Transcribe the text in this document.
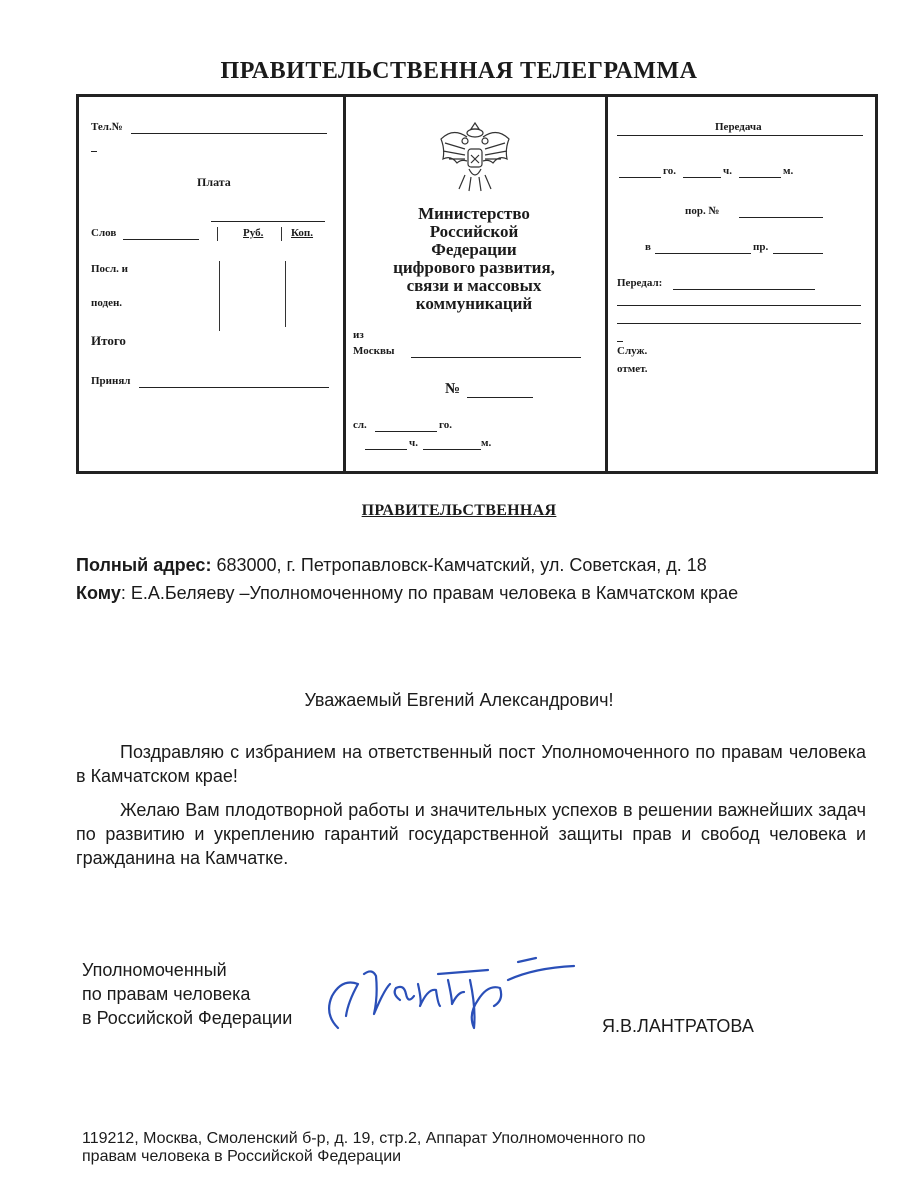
ПРАВИТЕЛЬСТВЕННАЯ ТЕЛЕГРАММА
Тел.№
Плата
Слов	Руб.	Коп.
Посл. и
поден.
Итого
Принял
Министерство
Российской
Федерации
цифрового развития,
связи и массовых
коммуникаций
из
Москвы
№
сл.	го.
ч.	м.
Передача
го.	ч.	м.
пор. №
в	пр.
Передал:
Служ.
отмет.
ПРАВИТЕЛЬСТВЕННАЯ
Полный адрес: 683000, г. Петропавловск-Камчатский, ул. Советская, д. 18
Кому: Е.А.Беляеву –Уполномоченному по правам человека в Камчатском крае
Уважаемый Евгений Александрович!
Поздравляю с избранием на ответственный пост Уполномоченного по правам человека в Камчатском крае!
Желаю Вам плодотворной работы и значительных успехов в решении важнейших задач по развитию и укреплению гарантий государственной защиты прав и свобод человека и гражданина на Камчатке.
Уполномоченный
по правам человека
в Российской Федерации	Я.В.ЛАНТРАТОВА
119212, Москва, Смоленский б-р, д. 19, стр.2, Аппарат Уполномоченного по
правам человека в Российской Федерации
